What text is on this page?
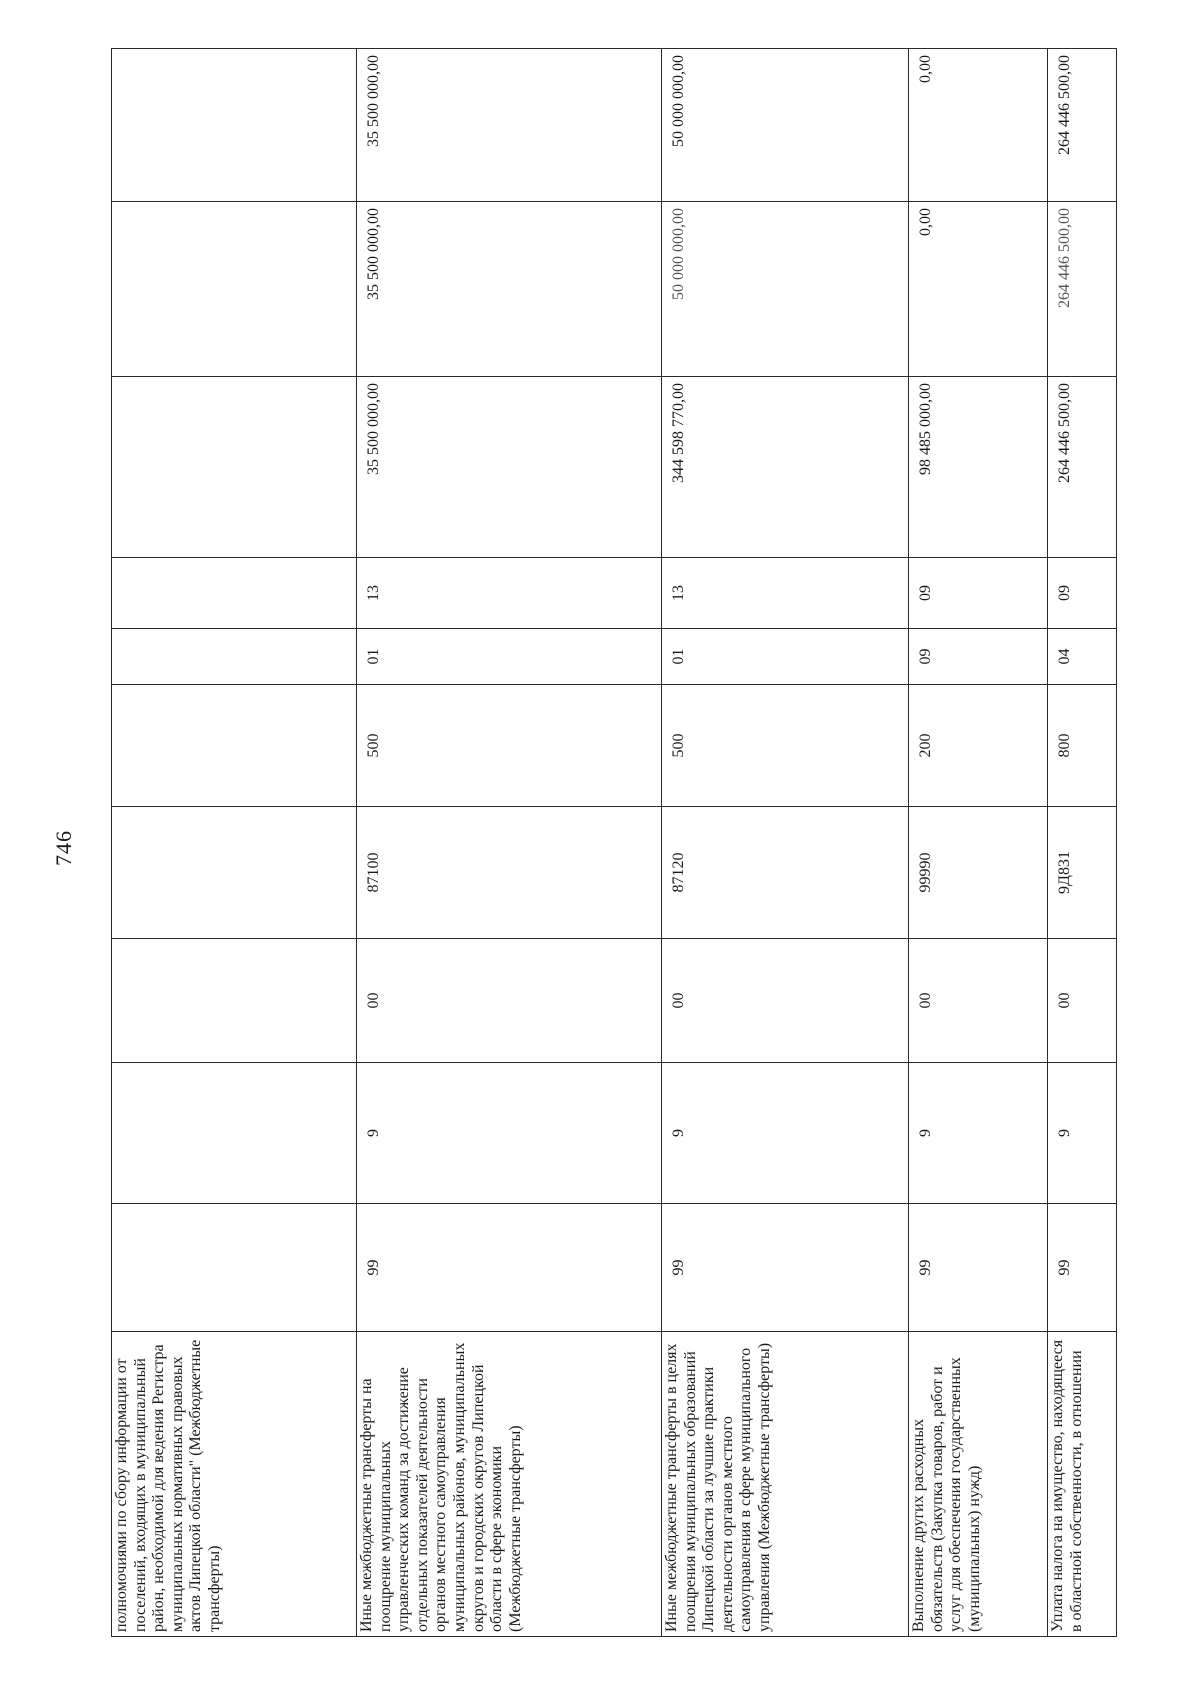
746
полномочиями по сбору информации от поселений, входящих в муниципальный район, необходимой для ведения Регистра муниципальных нормативных правовых актов Липецкой области" (Межбюджетные трансферты)										
Иные межбюджетные трансферты на поощрение муниципальных управленческих команд за достижение отдельных показателей деятельности органов местного самоуправления муниципальных районов, муниципальных округов и городских округов Липецкой области в сфере экономики (Межбюджетные трансферты)	99	9	00	87100	500	01	13	35 500 000,00	35 500 000,00	35 500 000,00
Иные межбюджетные трансферты в целях поощрения муниципальных образований Липецкой области за лучшие практики деятельности органов местного самоуправления в сфере муниципального управления (Межбюджетные трансферты)	99	9	00	87120	500	01	13	344 598 770,00	50 000 000,00	50 000 000,00
Выполнение других расходных обязательств (Закупка товаров, работ и услуг для обеспечения государственных (муниципальных) нужд)	99	9	00	99990	200	09	09	98 485 000,00	0,00	0,00
Уплата налога на имущество, находящееся в областной собственности, в отношении	99	9	00	9Д831	800	04	09	264 446 500,00	264 446 500,00	264 446 500,00
